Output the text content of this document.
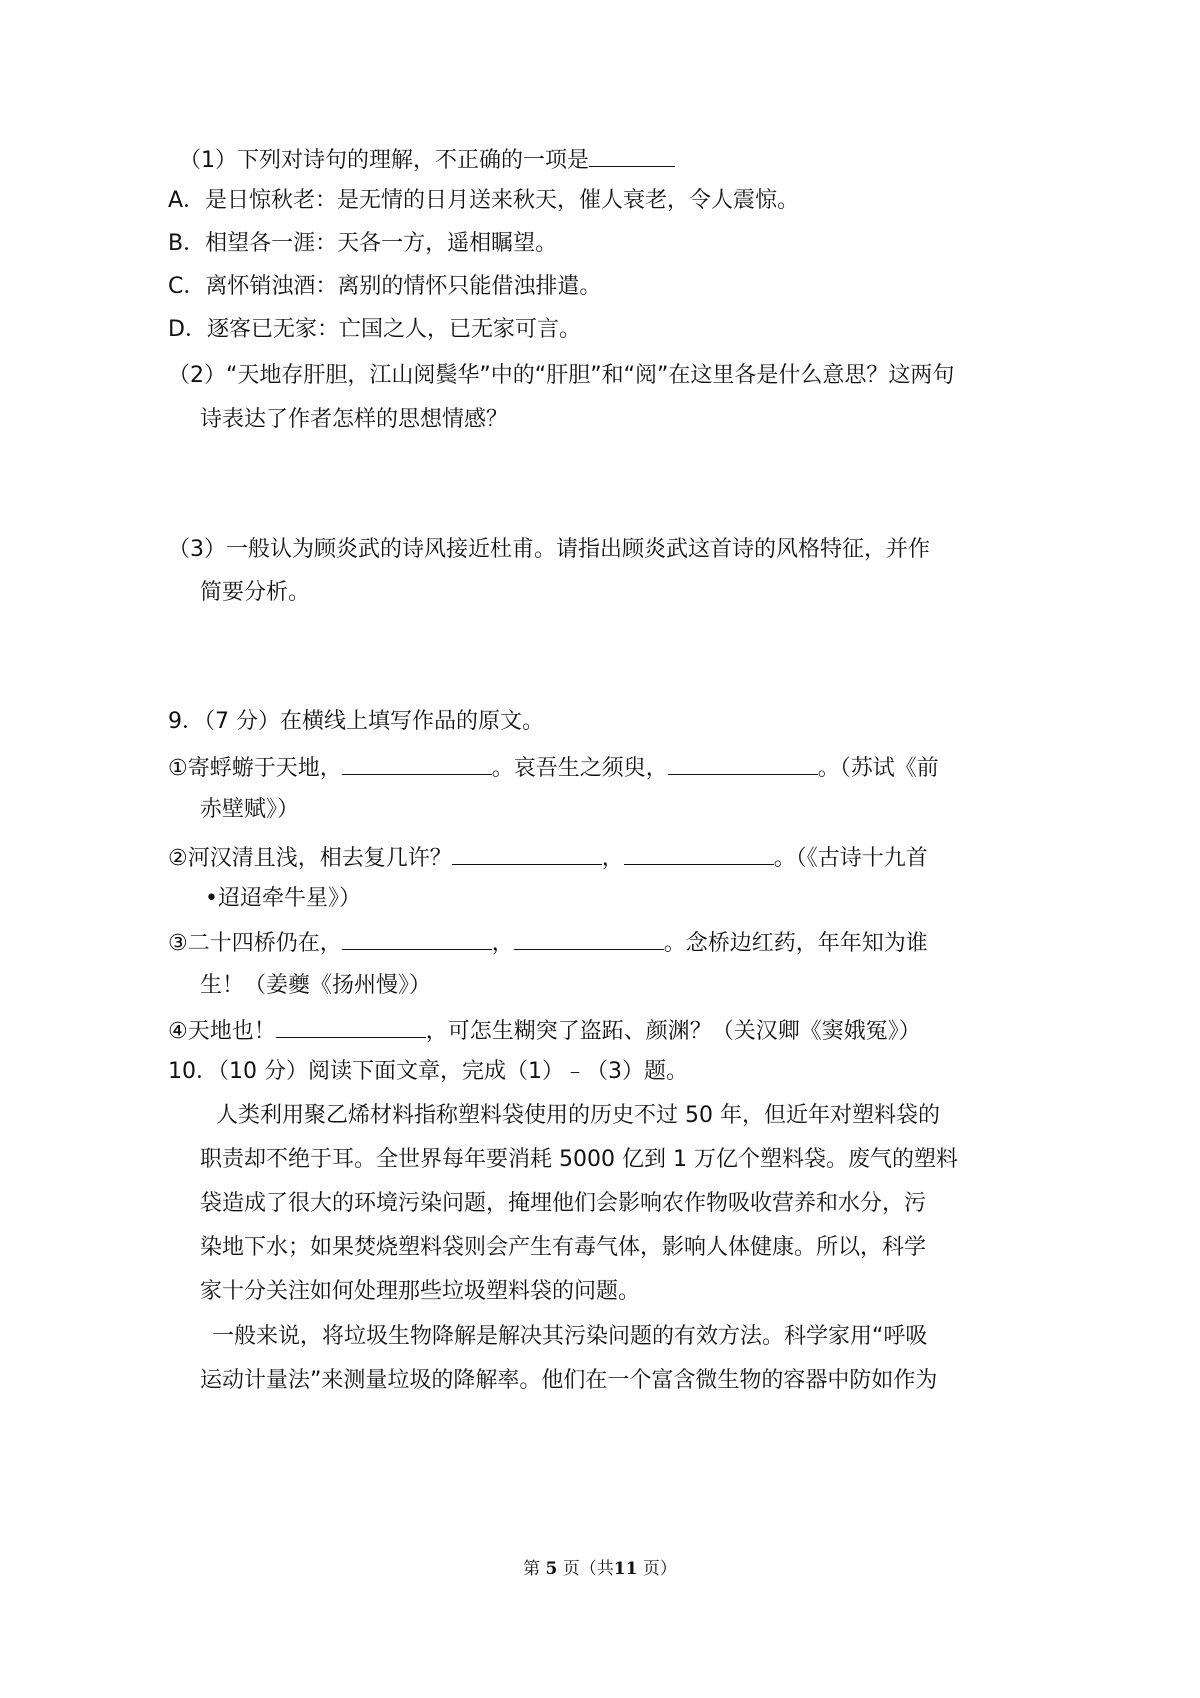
（1）下列对诗句的理解，不正确的一项是
A．是日惊秋老：是无情的日月送来秋天，催人衰老，令人震惊。
B．相望各一涯：天各一方，遥相瞩望。
C．离怀销浊酒：离别的情怀只能借浊排遣。
D．逐客已无家：亡国之人，已无家可言。
（2）“天地存肝胆，江山阅鬓华”中的“肝胆”和“阅”在这里各是什么意思？这两句
诗表达了作者怎样的思想情感？
（3）一般认为顾炎武的诗风接近杜甫。请指出顾炎武这首诗的风格特征，并作
简要分析。
9．（7 分）在横线上填写作品的原文。
①寄蜉蝣于天地，	。哀吾生之须臾，	。（苏试《前
赤壁赋》）
②河汉清且浅，相去复几许？	，	。（《古诗十九首
•迢迢牵牛星》）
③二十四桥仍在，	，	。念桥边红药，年年知为谁
生！（姜夔《扬州慢》）
④天地也！	，可怎生糊突了盗跖、颜渊？（关汉卿《窦娥冤》）
10．（10 分）阅读下面文章，完成（1）﹣（3）题。
人类利用聚乙烯材料指称塑料袋使用的历史不过 50 年，但近年对塑料袋的
职责却不绝于耳。全世界每年要消耗 5000 亿到 1 万亿个塑料袋。废气的塑料
袋造成了很大的环境污染问题，掩埋他们会影响农作物吸收营养和水分，污
染地下水；如果焚烧塑料袋则会产生有毒气体，影响人体健康。所以，科学
家十分关注如何处理那些垃圾塑料袋的问题。
一般来说，将垃圾生物降解是解决其污染问题的有效方法。科学家用“呼吸
运动计量法”来测量垃圾的降解率。他们在一个富含微生物的容器中防如作为
第 5 页（共11 页）
